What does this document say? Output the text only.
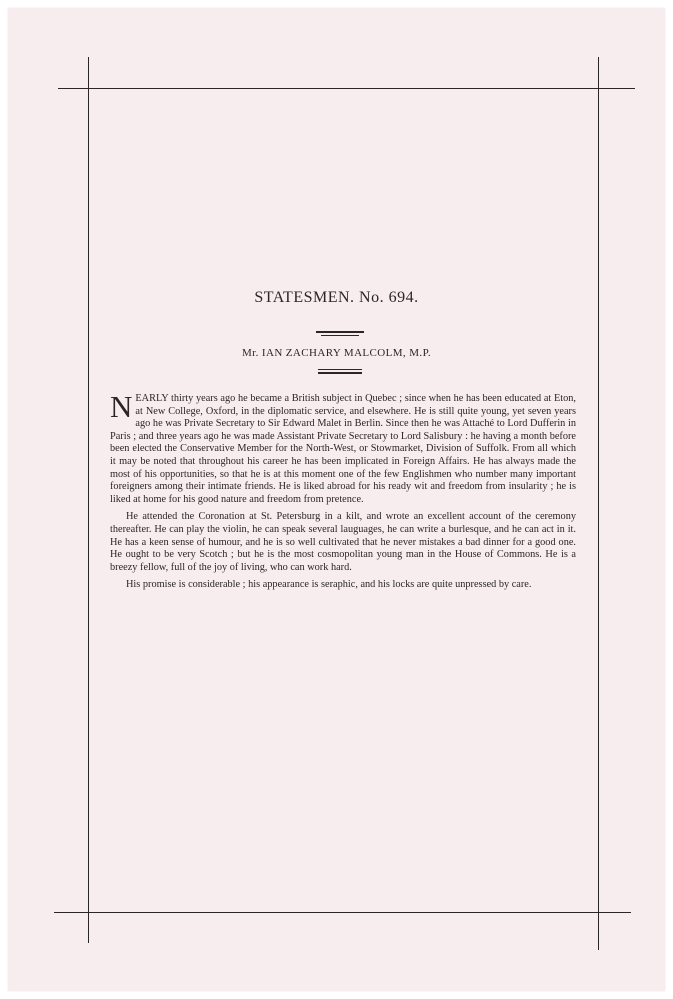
STATESMEN. No. 694.
Mr. IAN ZACHARY MALCOLM, M.P.

NEARLY thirty years ago he became a British subject in Quebec ; since when he has been educated at Eton, at New College, Oxford, in the diplomatic service, and elsewhere. He is still quite young, yet seven years ago he was Private Secretary to Sir Edward Malet in Berlin. Since then he was Attaché to Lord Dufferin in Paris ; and three years ago he was made Assistant Private Secretary to Lord Salisbury : he having a month before been elected the Conservative Member for the North-West, or Stowmarket, Division of Suffolk. From all which it may be noted that throughout his career he has been implicated in Foreign Affairs. He has always made the most of his opportunities, so that he is at this moment one of the few Englishmen who number many important foreigners among their intimate friends. He is liked abroad for his ready wit and freedom from insularity ; he is liked at home for his good nature and freedom from pretence.

He attended the Coronation at St. Petersburg in a kilt, and wrote an excellent account of the ceremony thereafter. He can play the violin, he can speak several lauguages, he can write a burlesque, and he can act in it. He has a keen sense of humour, and he is so well cultivated that he never mistakes a bad dinner for a good one. He ought to be very Scotch ; but he is the most cosmopolitan young man in the House of Commons. He is a breezy fellow, full of the joy of living, who can work hard.

His promise is considerable ; his appearance is seraphic, and his locks are quite unpressed by care.
